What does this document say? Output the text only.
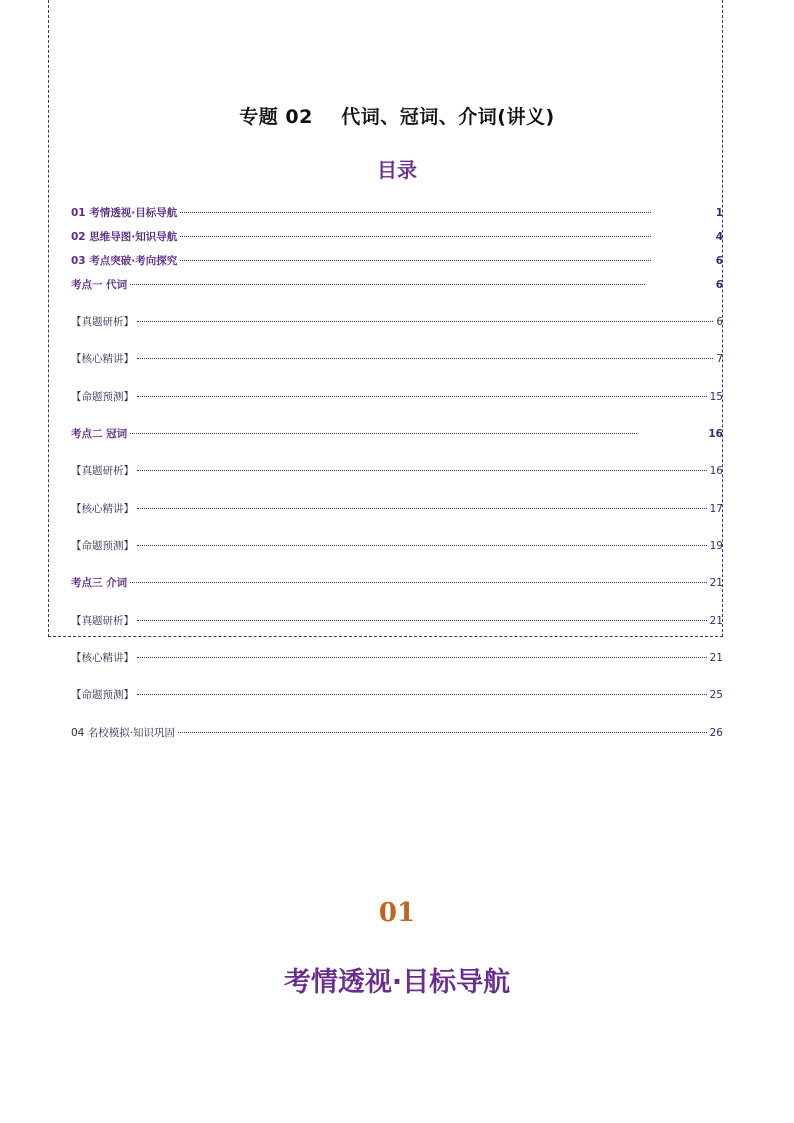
专题 02    代词、冠词、介词(讲义)
目录
01 考情透视·目标导航	1
02 思维导图·知识导航	4
03 考点突破·考向探究	6
考点一 代词	6
【真题研析】	6
【核心精讲】	7
【命题预测】	15
考点二 冠词	16
【真题研析】	16
【核心精讲】	17
【命题预测】	19
考点三 介词	21
【真题研析】	21
【核心精讲】	21
【命题预测】	25
04 名校模拟·知识巩固	26
01
考情透视·目标导航
